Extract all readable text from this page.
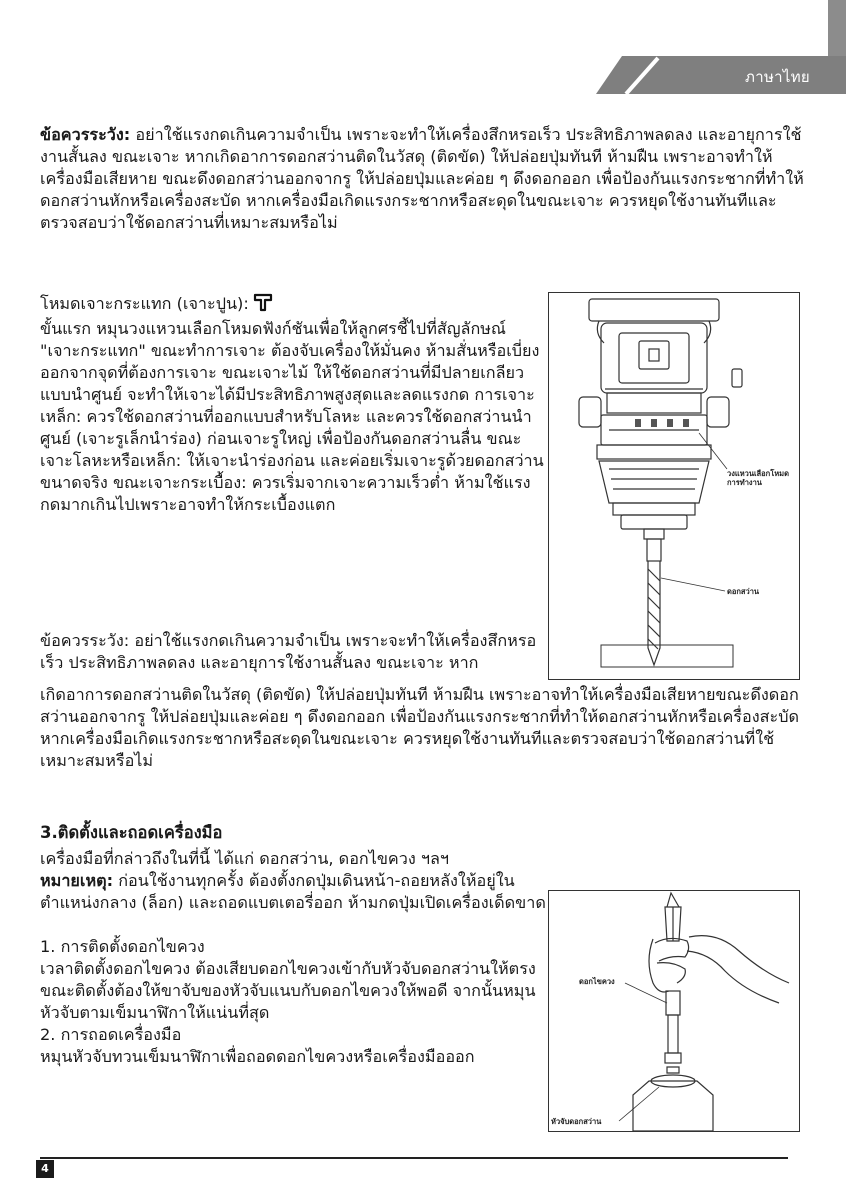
ภาษาไทย

ข้อควรระวัง: อย่าใช้แรงกดเกินความจำเป็น เพราะจะทำให้เครื่องสึกหรอเร็ว ประสิทธิภาพลดลง และอายุการใช้งานสั้นลง ขณะเจาะ หากเกิดอาการดอกสว่านติดในวัสดุ (ติดขัด) ให้ปล่อยปุ่มทันที ห้ามฝืน เพราะอาจทำให้เครื่องมือเสียหาย ขณะดึงดอกสว่านออกจากรู ให้ปล่อยปุ่มและค่อย ๆ ดึงดอกออก เพื่อป้องกันแรงกระชากที่ทำให้ดอกสว่านหักหรือเครื่องสะบัด หากเครื่องมือเกิดแรงกระชากหรือสะดุดในขณะเจาะ ควรหยุดใช้งานทันทีและตรวจสอบว่าใช้ดอกสว่านที่เหมาะสมหรือไม่

โหมดเจาะกระแทก (เจาะปูน):

ขั้นแรก หมุนวงแหวนเลือกโหมดฟังก์ชันเพื่อให้ลูกศรชี้ไปที่สัญลักษณ์ "เจาะกระแทก" ขณะทำการเจาะ ต้องจับเครื่องให้มั่นคง ห้ามสั่นหรือเบี่ยงออกจากจุดที่ต้องการเจาะ ขณะเจาะไม้ ให้ใช้ดอกสว่านที่มีปลายเกลียวแบบนำศูนย์ จะทำให้เจาะได้มีประสิทธิภาพสูงสุดและลดแรงกด การเจาะเหล็ก: ควรใช้ดอกสว่านที่ออกแบบสำหรับโลหะ และควรใช้ดอกสว่านนำศูนย์ (เจาะรูเล็กนำร่อง) ก่อนเจาะรูใหญ่ เพื่อป้องกันดอกสว่านลื่น ขณะเจาะโลหะหรือเหล็ก: ให้เจาะนำร่องก่อน และค่อยเริ่มเจาะรูด้วยดอกสว่านขนาดจริง ขณะเจาะกระเบื้อง: ควรเริ่มจากเจาะความเร็วต่ำ ห้ามใช้แรงกดมากเกินไปเพราะอาจทำให้กระเบื้องแตก

ข้อควรระวัง: อย่าใช้แรงกดเกินความจำเป็น เพราะจะทำให้เครื่องสึกหรอเร็ว ประสิทธิภาพลดลง และอายุการใช้งานสั้นลง ขณะเจาะ หาก

เกิดอาการดอกสว่านติดในวัสดุ (ติดขัด) ให้ปล่อยปุ่มทันที ห้ามฝืน เพราะอาจทำให้เครื่องมือเสียหายขณะดึงดอกสว่านออกจากรู ให้ปล่อยปุ่มและค่อย ๆ ดึงดอกออก เพื่อป้องกันแรงกระชากที่ทำให้ดอกสว่านหักหรือเครื่องสะบัด หากเครื่องมือเกิดแรงกระชากหรือสะดุดในขณะเจาะ ควรหยุดใช้งานทันทีและตรวจสอบว่าใช้ดอกสว่านที่ใช้เหมาะสมหรือไม่

3.ติดตั้งและถอดเครื่องมือ

เครื่องมือที่กล่าวถึงในที่นี้ ได้แก่ ดอกสว่าน, ดอกไขควง ฯลฯ

หมายเหตุ: ก่อนใช้งานทุกครั้ง ต้องตั้งกดปุ่มเดินหน้า-ถอยหลังให้อยู่ในตำแหน่งกลาง (ล็อก) และถอดแบตเตอรี่ออก ห้ามกดปุ่มเปิดเครื่องเด็ดขาด

1. การติดตั้งดอกไขควง

เวลาติดตั้งดอกไขควง ต้องเสียบดอกไขควงเข้ากับหัวจับดอกสว่านให้ตรง ขณะติดตั้งต้องให้ขาจับของหัวจับแนบกับดอกไขควงให้พอดี จากนั้นหมุนหัวจับตามเข็มนาฬิกาให้แน่นที่สุด

2. การถอดเครื่องมือ

หมุนหัวจับทวนเข็มนาฬิกาเพื่อถอดดอกไขควงหรือเครื่องมือออก

วงแหวนเลือกโหมดการทำงาน
ดอกสว่าน
ดอกไขควง
หัวจับดอกสว่าน
4
